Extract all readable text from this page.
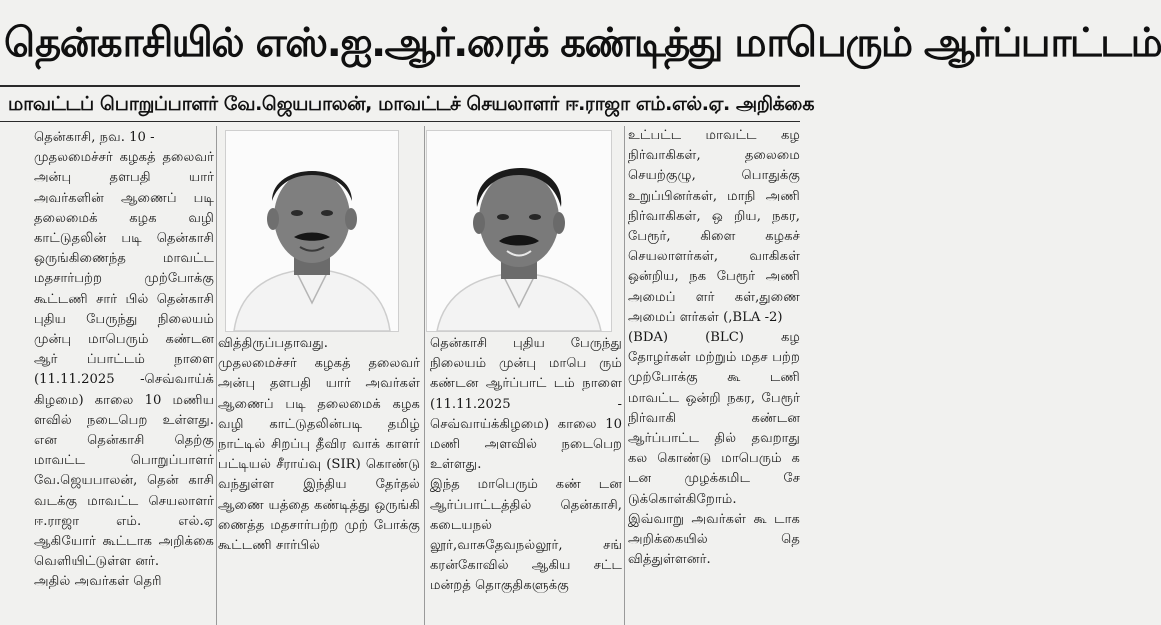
தென்காசியில் எஸ்.ஐ.ஆர்.ரைக் கண்டித்து மாபெரும் ஆர்ப்பாட்டம்
மாவட்டப் பொறுப்பாளர் வே.ஜெயபாலன், மாவட்டச் செயலாளர் ஈ.ராஜா எம்.எல்.ஏ. அறிக்கை

தென்காசி, நவ. 10 -
முதலமைச்சர் கழகத் தலைவர் அன்பு தளபதி யார் அவர்களின் ஆணைப் படி தலைமைக் கழக வழி காட்டுதலின் படி தென்காசி ஒருங்கிணைந்த மாவட்ட மதசார்பற்ற முற்போக்கு கூட்டணி சார் பில் தென்காசி புதிய பேருந்து நிலையம் முன்பு மாபெரும் கண்டன ஆர் ப்பாட்டம் நாளை (11.11.2025 -செவ்வாய்க் கிழமை) காலை 10 மணிய ளவில் நடைபெற உள்ளது. என தென்காசி தெற்கு மாவட்ட பொறுப்பாளர் வே.ஜெயபாலன், தென் காசி வடக்கு மாவட்ட செயலாளர் ஈ.ராஜா எம். எல்.ஏ ஆகியோர் கூட்டாக அறிக்கை வெளியிட்டுள்ள னர்.
அதில் அவர்கள் தெரி

வித்திருப்பதாவது.
முதலமைச்சர் கழகத் தலைவர் அன்பு தளபதி யார் அவர்கள் ஆணைப் படி தலைமைக் கழக வழி காட்டுதலின்படி தமிழ் நாட்டில் சிறப்பு தீவிர வாக் காளர் பட்டியல் சீராய்வு (SIR) கொண்டு வந்துள்ள இந்திய தேர்தல் ஆணை யத்தை கண்டித்து ஒருங்கி ணைத்த மதசார்பற்ற முற் போக்கு கூட்டணி சார்பில்

தென்காசி புதிய பேருந்து நிலையம் முன்பு மாபெ ரும் கண்டன ஆர்ப்பாட் டம் நாளை (11.11.2025 - செவ்வாய்க்கிழமை) காலை 10 மணி அளவில் நடைபெற உள்ளது.
இந்த மாபெரும் கண் டன ஆர்ப்பாட்டத்தில் தென்காசி, கடையநல் லூர்,வாசுதேவநல்லூர், சங் கரன்கோவில் ஆகிய சட்ட மன்றத் தொகுதிகளுக்கு

உட்பட்ட மாவட்ட கழ நிர்வாகிகள், தலைமை செயற்குழு, பொதுக்கு உறுப்பினர்கள், மாநி அணி நிர்வாகிகள், ஒ றிய, நகர, பேரூர், கிளை கழகச் செயலாளர்கள், வாகிகள் ஒன்றிய, நக பேரூர் அணி அமைப் ளர் கள்,துணை அமைப் ளர்கள் (,BLA -2)
(BDA) (BLC) கழ தோழர்கள் மற்றும் மதச பற்ற முற்போக்கு கூ டணி மாவட்ட ஒன்றி நகர, பேரூர் நிர்வாகி கண்டன ஆர்ப்பாட்ட தில் தவறாது கல கொண்டு மாபெரும் க டன முழக்கமிட சே டுக்கொள்கிறோம்.
இவ்வாறு அவர்கள் கூ டாக அறிக்கையில் தெ வித்துள்ளனர்.
